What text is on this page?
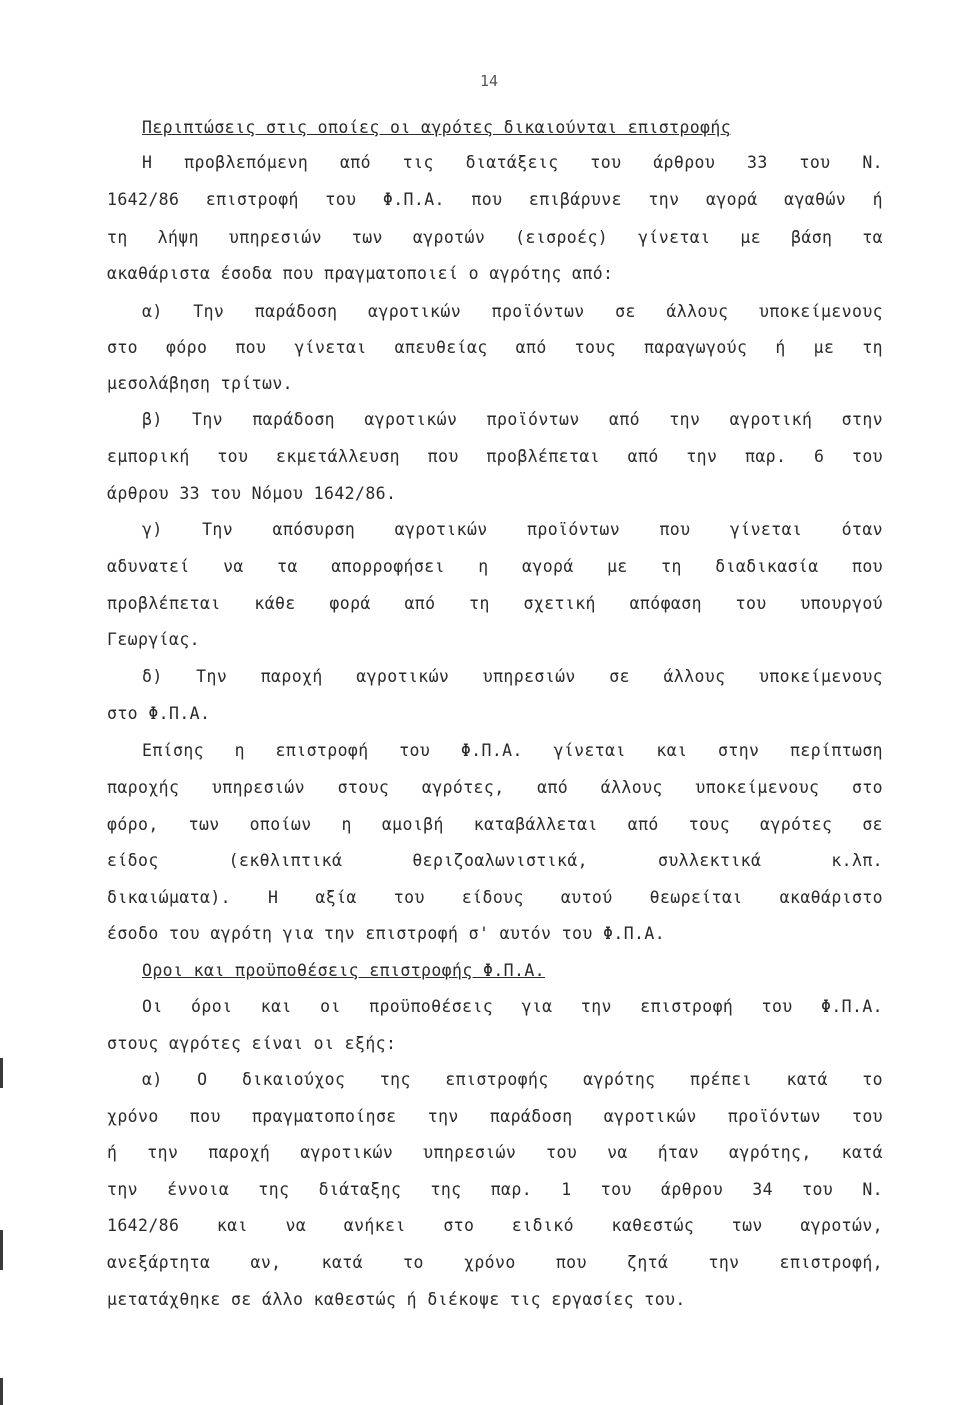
14
Περιπτώσεις στις οποίες οι αγρότες δικαιούνται επιστροφής
Η προβλεπόμενη από τις διατάξεις του άρθρου 33 του Ν.
1642/86 επιστροφή του Φ.Π.Α. που επιβάρυνε την αγορά αγαθών ή
τη λήψη υπηρεσιών των αγροτών (εισροές) γίνεται με βάση τα
ακαθάριστα έσοδα που πραγματοποιεί ο αγρότης από:
α) Την παράδοση αγροτικών προϊόντων σε άλλους υποκείμενους
στο φόρο που γίνεται απευθείας από τους παραγωγούς ή με τη
μεσολάβηση τρίτων.
β) Την παράδοση αγροτικών προϊόντων από την αγροτική στην
εμπορική του εκμετάλλευση που προβλέπεται από την παρ. 6 του
άρθρου 33 του Νόμου 1642/86.
γ) Την απόσυρση αγροτικών προϊόντων που γίνεται όταν
αδυνατεί να τα απορροφήσει η αγορά με τη διαδικασία που
προβλέπεται κάθε φορά από τη σχετική απόφαση του υπουργού
Γεωργίας.
δ) Την παροχή αγροτικών υπηρεσιών σε άλλους υποκείμενους
στο Φ.Π.Α.
Επίσης η επιστροφή του Φ.Π.Α. γίνεται και στην περίπτωση
παροχής υπηρεσιών στους αγρότες, από άλλους υποκείμενους στο
φόρο, των οποίων η αμοιβή καταβάλλεται από τους αγρότες σε
είδος (εκθλιπτικά θεριζοαλωνιστικά, συλλεκτικά κ.λπ.
δικαιώματα). Η αξία του είδους αυτού θεωρείται ακαθάριστο
έσοδο του αγρότη για την επιστροφή σ' αυτόν του Φ.Π.Α.
Οροι και προϋποθέσεις επιστροφής Φ.Π.Α.
Οι όροι και οι προϋποθέσεις για την επιστροφή του Φ.Π.Α.
στους αγρότες είναι οι εξής:
α) Ο δικαιούχος της επιστροφής αγρότης πρέπει κατά το
χρόνο που πραγματοποίησε την παράδοση αγροτικών προϊόντων του
ή την παροχή αγροτικών υπηρεσιών του να ήταν αγρότης, κατά
την έννοια της διάταξης της παρ. 1 του άρθρου 34 του Ν.
1642/86 και να ανήκει στο ειδικό καθεστώς των αγροτών,
ανεξάρτητα αν, κατά το χρόνο που ζητά την επιστροφή,
μετατάχθηκε σε άλλο καθεστώς ή διέκοψε τις εργασίες του.
